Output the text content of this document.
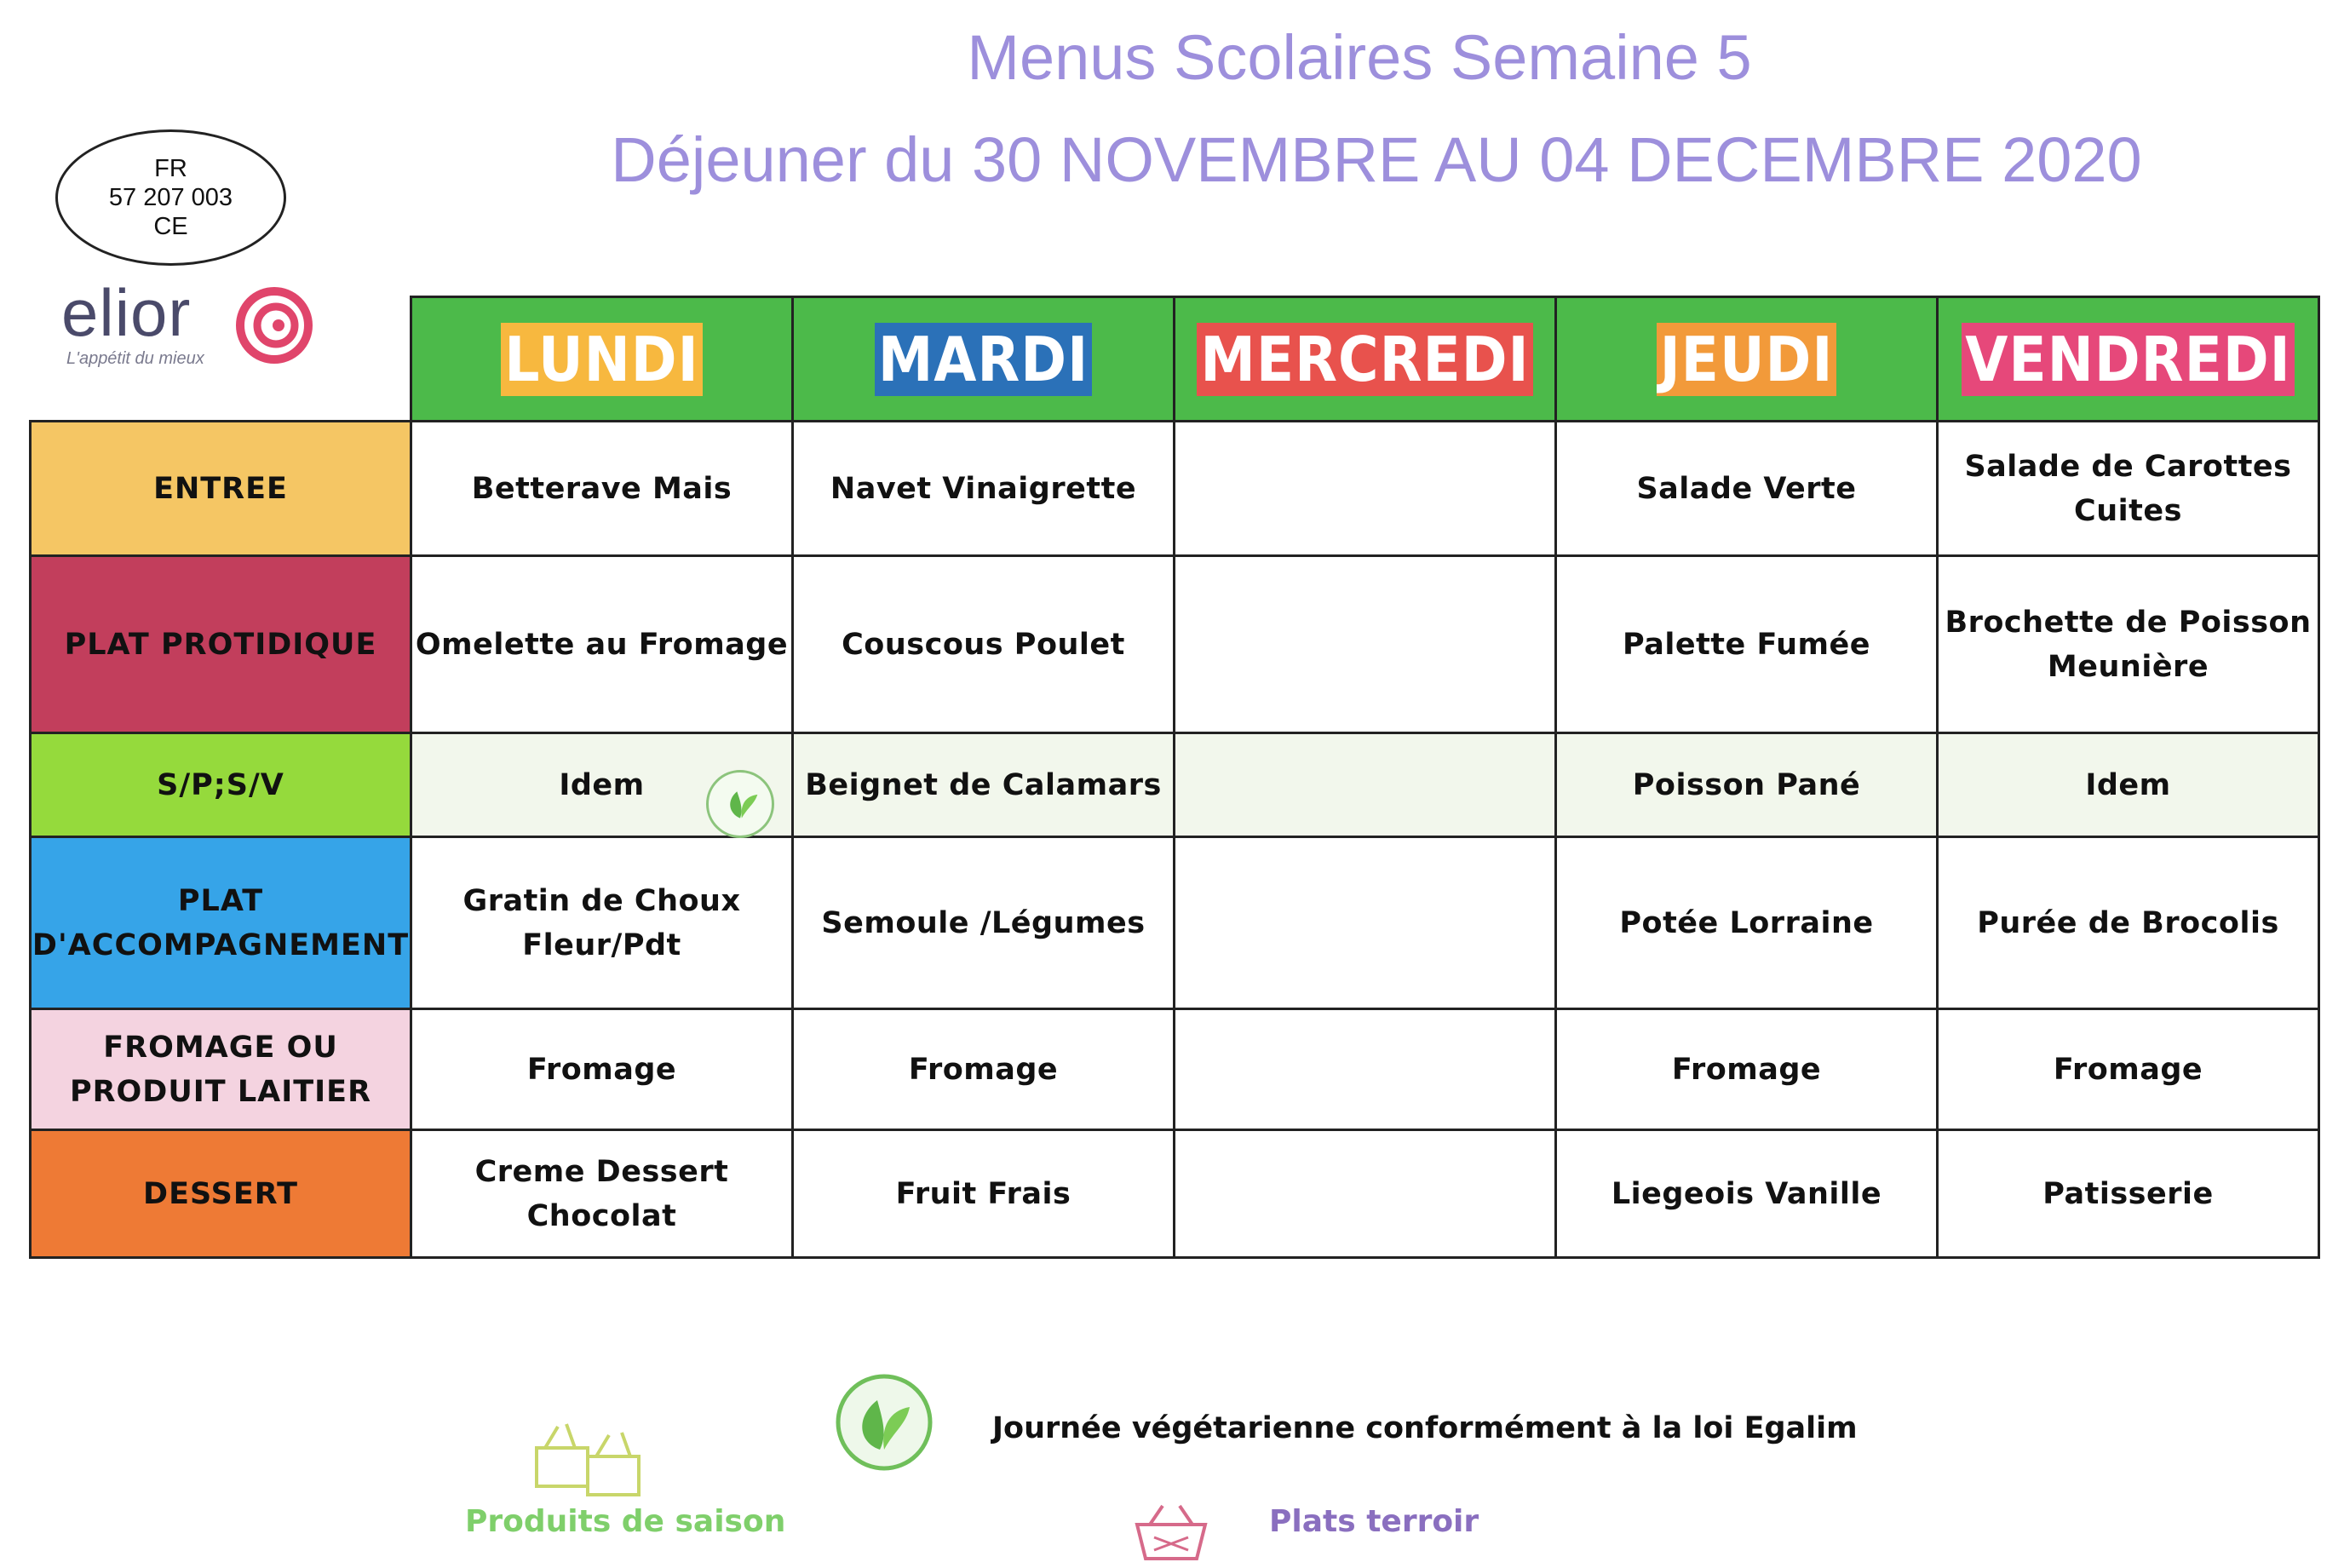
Menus Scolaires Semaine 5
Déjeuner du 30 NOVEMBRE AU 04 DECEMBRE 2020
FR
57 207 003
CE
elior
L'appétit du mieux
		LUNDI	MARDI	MERCREDI	JEUDI	VENDREDI
ENTREE	Betterave Mais	Navet Vinaigrette		Salade Verte	Salade de Carottes Cuites
PLAT PROTIDIQUE	Omelette au Fromage	Couscous Poulet		Palette Fumée	Brochette de Poisson Meunière
S/P;S/V	Idem	Beignet de Calamars		Poisson Pané	Idem
PLAT D'ACCOMPAGNEMENT	Gratin de Choux Fleur/Pdt	Semoule /Légumes		Potée Lorraine	Purée de Brocolis
FROMAGE OU PRODUIT LAITIER	Fromage	Fromage		Fromage	Fromage
DESSERT	Creme Dessert Chocolat	Fruit Frais		Liegeois Vanille	Patisserie
Journée végétarienne conformément à la loi Egalim
Produits de saison	Plats terroir
